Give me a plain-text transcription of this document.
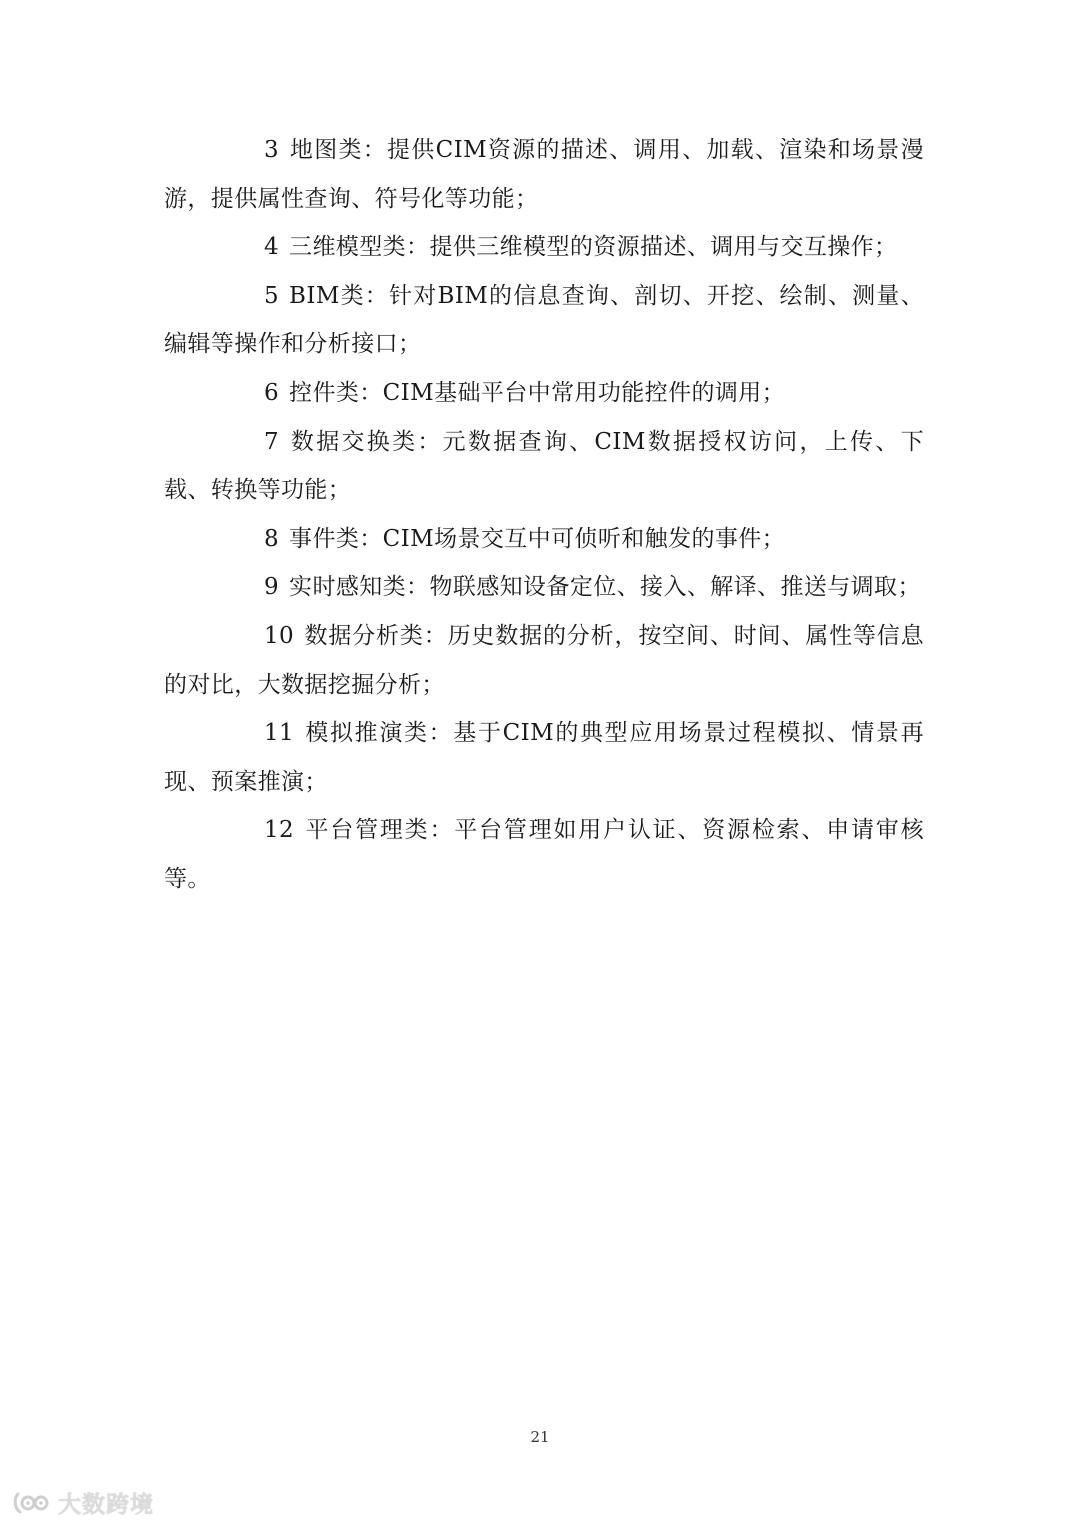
3 地图类：提供CIM资源的描述、调用、加载、渲染和场景漫游，提供属性查询、符号化等功能；

4 三维模型类：提供三维模型的资源描述、调用与交互操作；

5 BIM类：针对BIM的信息查询、剖切、开挖、绘制、测量、编辑等操作和分析接口；

6 控件类：CIM基础平台中常用功能控件的调用；

7 数据交换类：元数据查询、CIM数据授权访问，上传、下载、转换等功能；

8 事件类：CIM场景交互中可侦听和触发的事件；

9 实时感知类：物联感知设备定位、接入、解译、推送与调取；

10 数据分析类：历史数据的分析，按空间、时间、属性等信息的对比，大数据挖掘分析；

11 模拟推演类：基于CIM的典型应用场景过程模拟、情景再现、预案推演；

12 平台管理类：平台管理如用户认证、资源检索、申请审核等。

21
大数跨境
